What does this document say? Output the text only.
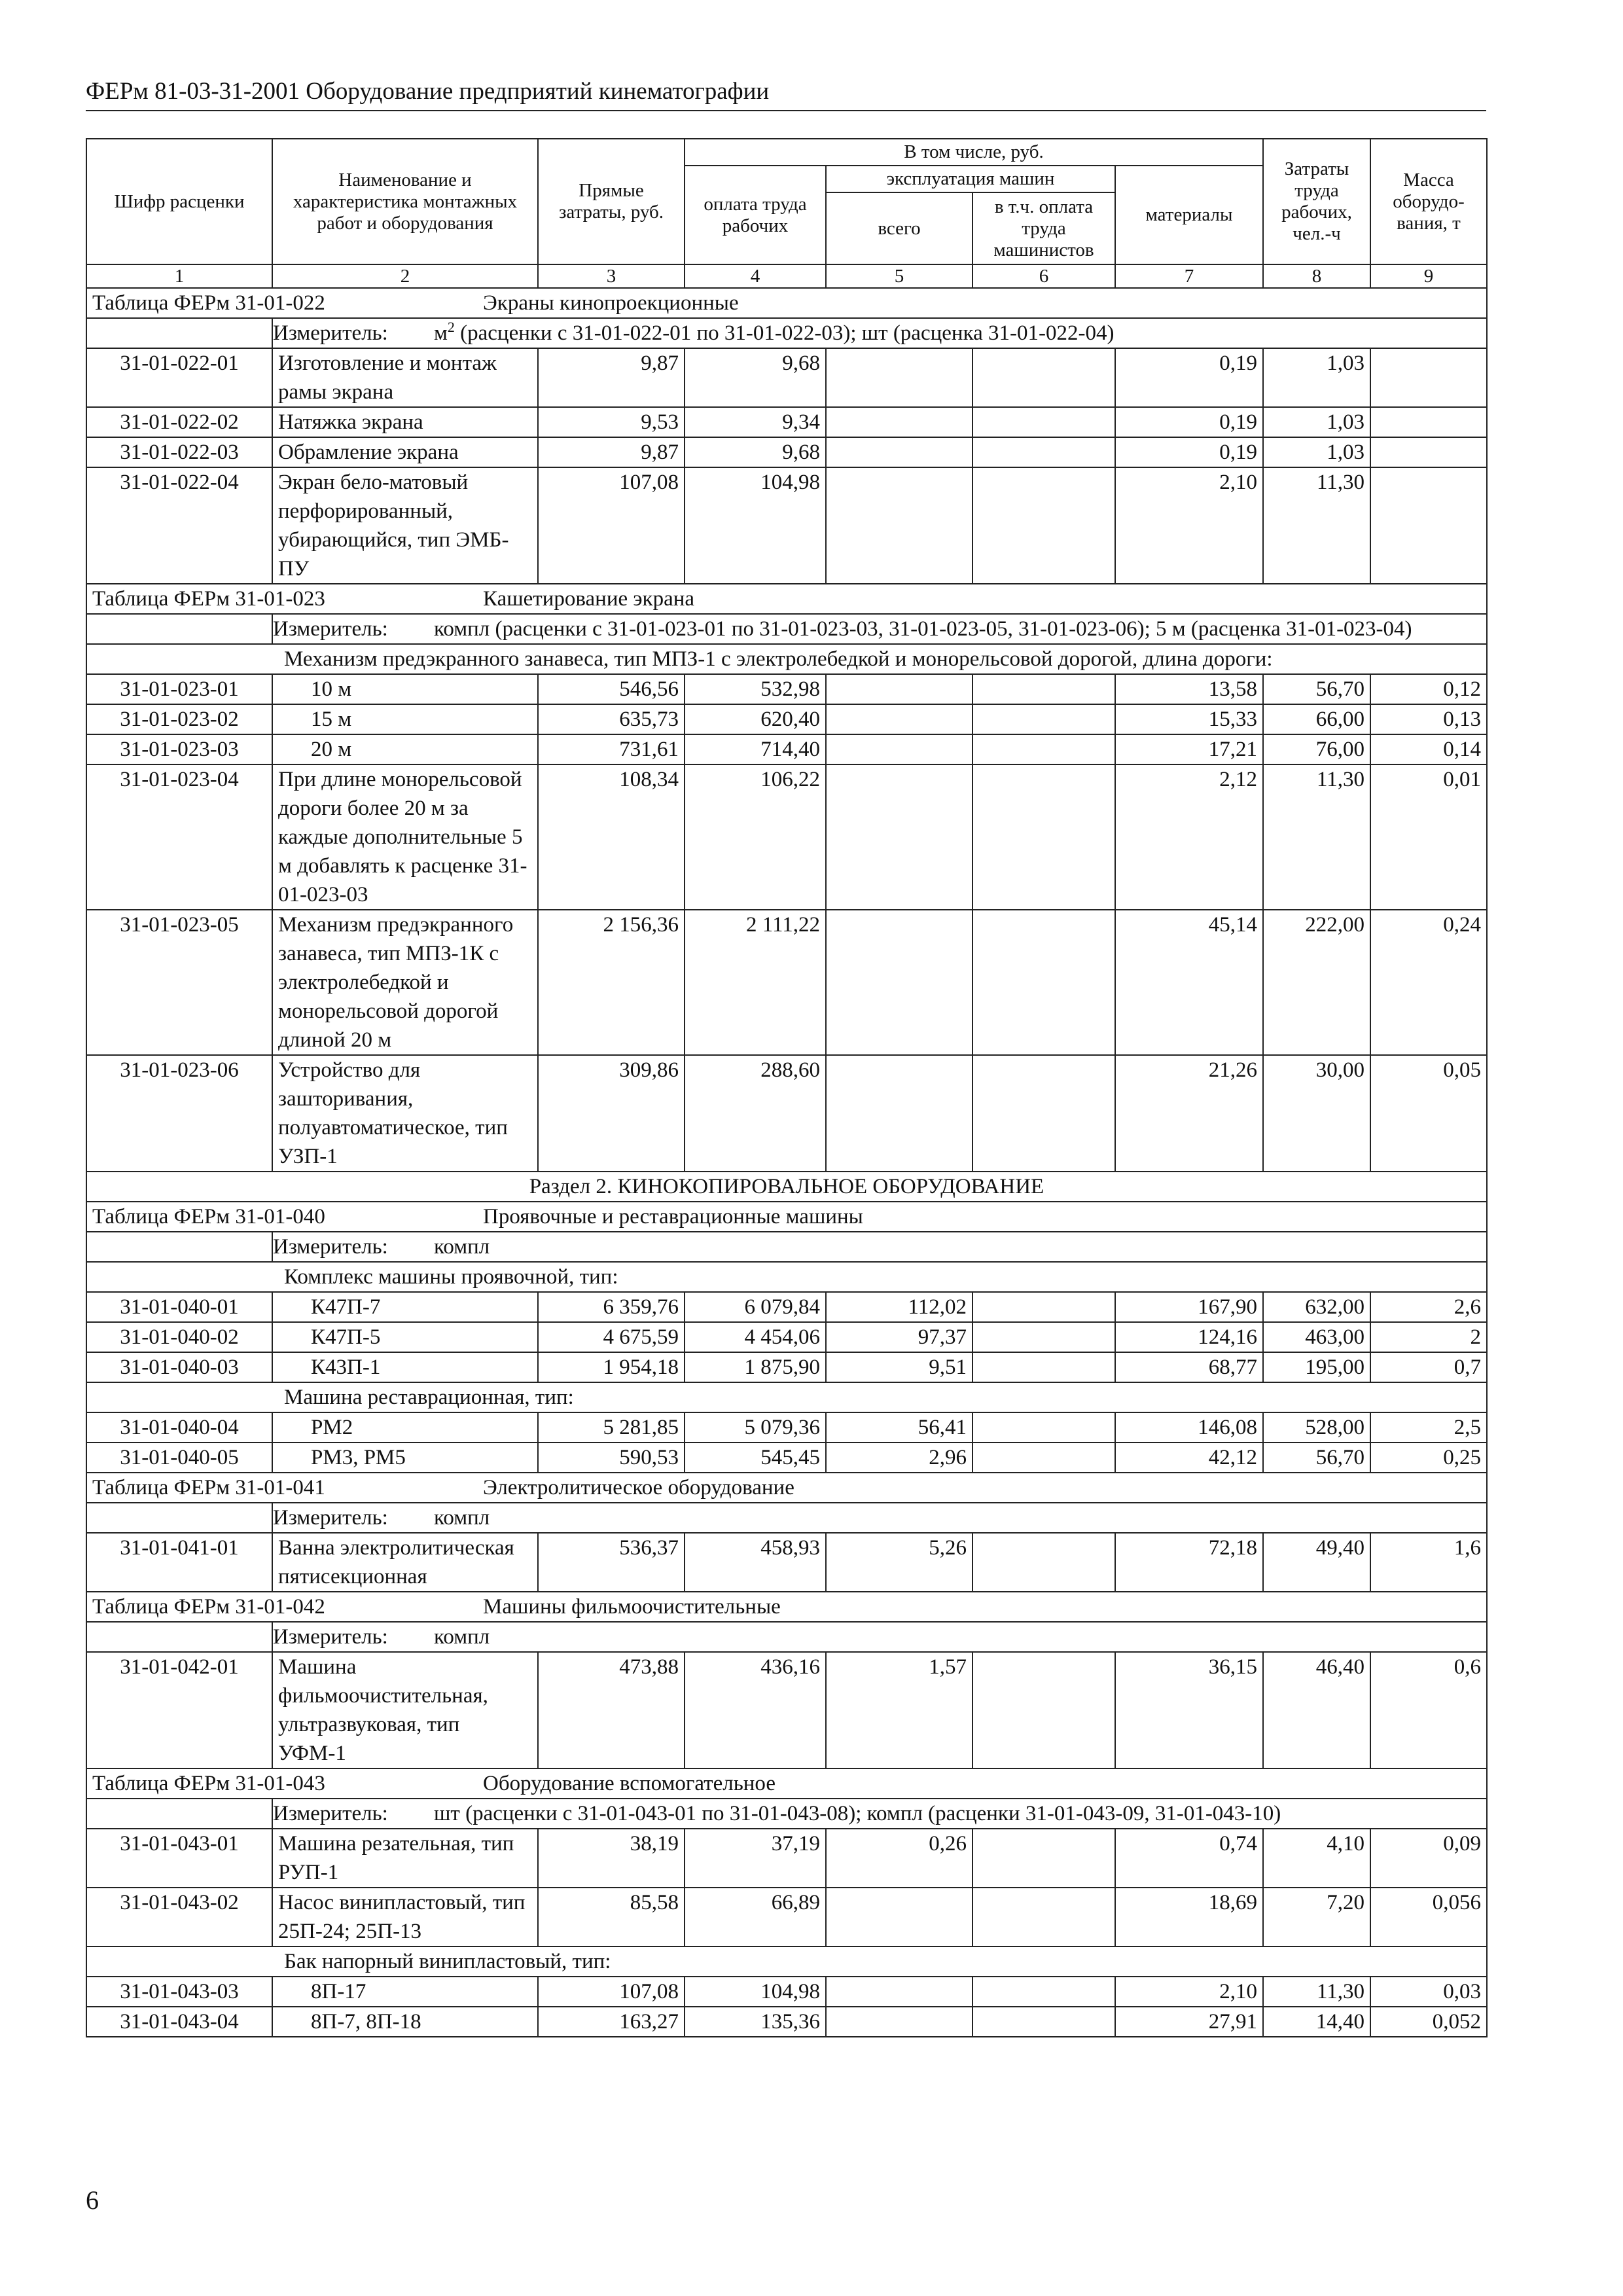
ФЕРм 81-03-31-2001 Оборудование предприятий кинематографии
Шифр расценки	Наименование и характеристика монтажных работ и оборудования	Прямые затраты, руб.	В том числе, руб.				Затраты труда рабочих, чел.-ч	Масса оборудо-вания, т
			оплата труда рабочих	эксплуатация машин		материалы		
				всего	в т.ч. оплата труда машинистов			
1	2	3	4	5	6	7	8	9
Таблица ФЕРм 31-01-022 Экраны кинопроекционные								
	Измеритель: $м^2$ (расценки с 31-01-022-01 по 31-01-022-03); шт (расценка 31-01-022-04)							
31-01-022-01	Изготовление и монтаж рамы экрана	9,87	9,68			0,19	1,03	
31-01-022-02	Натяжка экрана	9,53	9,34			0,19	1,03	
31-01-022-03	Обрамление экрана	9,87	9,68			0,19	1,03	
31-01-022-04	Экран бело-матовый перфорированный, убирающийся, тип ЭМБ-ПУ	107,08	104,98			2,10	11,30	
Таблица ФЕРм 31-01-023 Кашетирование экрана								
	Измеритель: компл (расценки с 31-01-023-01 по 31-01-023-03, 31-01-023-05, 31-01-023-06); 5 м (расценка 31-01-023-04)							
Механизм предэкранного занавеса, тип МПЗ-1 с электролебедкой и монорельсовой дорогой, длина дороги:								
31-01-023-01	10 м	546,56	532,98			13,58	56,70	0,12
31-01-023-02	15 м	635,73	620,40			15,33	66,00	0,13
31-01-023-03	20 м	731,61	714,40			17,21	76,00	0,14
31-01-023-04	При длине монорельсовой дороги более 20 м за каждые дополнительные 5 м добавлять к расценке 31-01-023-03	108,34	106,22			2,12	11,30	0,01
31-01-023-05	Механизм предэкранного занавеса, тип МПЗ-1К с электролебедкой и монорельсовой дорогой длиной 20 м	2 156,36	2 111,22			45,14	222,00	0,24
31-01-023-06	Устройство для зашторивания, полуавтоматическое, тип УЗП-1	309,86	288,60			21,26	30,00	0,05
Раздел 2. КИНОКОПИРОВАЛЬНОЕ ОБОРУДОВАНИЕ								
Таблица ФЕРм 31-01-040 Проявочные и реставрационные машины								
	Измеритель: компл							
Комплекс машины проявочной, тип:								
31-01-040-01	К47П-7	6 359,76	6 079,84	112,02		167,90	632,00	2,6
31-01-040-02	К47П-5	4 675,59	4 454,06	97,37		124,16	463,00	2
31-01-040-03	К43П-1	1 954,18	1 875,90	9,51		68,77	195,00	0,7
Машина реставрационная, тип:								
31-01-040-04	РМ2	5 281,85	5 079,36	56,41		146,08	528,00	2,5
31-01-040-05	РМ3, РМ5	590,53	545,45	2,96		42,12	56,70	0,25
Таблица ФЕРм 31-01-041 Электролитическое оборудование								
	Измеритель: компл							
31-01-041-01	Ванна электролитическая пятисекционная	536,37	458,93	5,26		72,18	49,40	1,6
Таблица ФЕРм 31-01-042 Машины фильмоочистительные								
	Измеритель: компл							
31-01-042-01	Машина фильмоочистительная, ультразвуковая, тип УФМ-1	473,88	436,16	1,57		36,15	46,40	0,6
Таблица ФЕРм 31-01-043 Оборудование вспомогательное								
	Измеритель: шт (расценки с 31-01-043-01 по 31-01-043-08); компл (расценки 31-01-043-09, 31-01-043-10)							
31-01-043-01	Машина резательная, тип РУП-1	38,19	37,19	0,26		0,74	4,10	0,09
31-01-043-02	Насос винипластовый, тип 25П-24; 25П-13	85,58	66,89			18,69	7,20	0,056
Бак напорный винипластовый, тип:								
31-01-043-03	8П-17	107,08	104,98			2,10	11,30	0,03
31-01-043-04	8П-7, 8П-18	163,27	135,36			27,91	14,40	0,052
6
